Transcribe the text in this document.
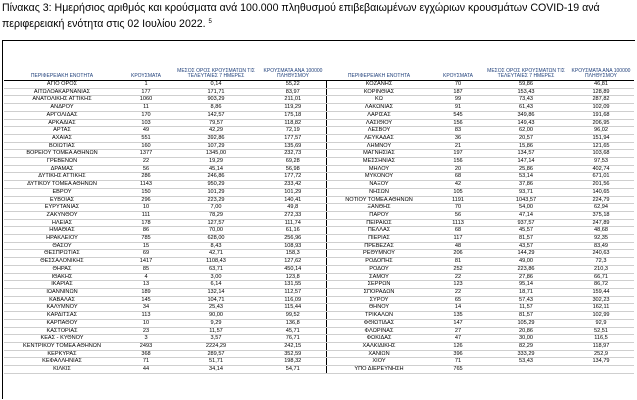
Πίνακας 3: Ημερήσιος αριθμός και κρούσματα ανά 100.000 πληθυσμού επιβεβαιωμένων εγχώριων κρουσμάτων COVID-19 ανά περιφερειακή ενότητα στις 02 Ιουλίου 2022. $^5$
ΠΕΡΙΦΕΡΕΙΑΚΗ ΕΝΟΤΗΤΑ	ΚΡΟΥΣΜΑΤΑ	ΜΕΣΟΣ ΟΡΟΣ ΚΡΟΥΣΜΑΤΩΝ ΤΙΣ ΤΕΛΕΥΤΑΙΕΣ 7 ΗΜΕΡΕΣ	ΚΡΟΥΣΜΑΤΑ ΑΝΑ 100000 ΠΛΗΘΥΣΜΟΥ
ΑΓΙΟ ΟΡΟΣ	1	0,14	55,22
ΑΙΤΩΛΟΑΚΑΡΝΑΝΙΑΣ	177	171,71	83,97
ΑΝΑΤΟΛΙΚΗΣ ΑΤΤΙΚΗΣ	1060	903,29	211,01
ΑΝΔΡΟΥ	11	8,86	119,29
ΑΡΓΟΛΙΔΑΣ	170	142,57	175,18
ΑΡΚΑΔΙΑΣ	103	79,57	118,82
ΑΡΤΑΣ	49	42,29	72,19
ΑΧΑΪΑΣ	551	392,86	177,57
ΒΟΙΩΤΙΑΣ	160	107,29	135,69
ΒΟΡΕΙΟΥ ΤΟΜΕΑ ΑΘΗΝΩΝ	1377	1345,00	232,73
ΓΡΕΒΕΝΩΝ	22	19,29	69,28
ΔΡΑΜΑΣ	56	45,14	56,98
ΔΥΤΙΚΗΣ ΑΤΤΙΚΗΣ	286	246,86	177,72
ΔΥΤΙΚΟΥ ΤΟΜΕΑ ΑΘΗΝΩΝ	1143	950,29	233,42
ΕΒΡΟΥ	150	101,29	101,29
ΕΥΒΟΙΑΣ	296	223,29	140,41
ΕΥΡΥΤΑΝΙΑΣ	10	7,00	49,8
ΖΑΚΥΝΘΟΥ	111	78,29	272,33
ΗΛΕΙΑΣ	178	127,57	111,74
ΗΜΑΘΙΑΣ	86	70,00	61,16
ΗΡΑΚΛΕΙΟΥ	785	628,00	256,96
ΘΑΣΟΥ	15	8,43	108,93
ΘΕΣΠΡΩΤΙΑΣ	69	42,71	158,3
ΘΕΣΣΑΛΟΝΙΚΗΣ	1417	1108,43	127,62
ΘΗΡΑΣ	85	63,71	450,14
ΙΘΑΚΗΣ	4	3,00	123,8
ΙΚΑΡΙΑΣ	13	6,14	131,55
ΙΩΑΝΝΙΝΩΝ	189	132,14	112,57
ΚΑΒΑΛΑΣ	145	104,71	116,09
ΚΑΛΥΜΝΟΥ	34	25,43	115,44
ΚΑΡΔΙΤΣΑΣ	113	90,00	99,52
ΚΑΡΠΑΘΟΥ	10	9,29	136,8
ΚΑΣΤΟΡΙΑΣ	23	11,57	45,71
ΚΕΑΣ - ΚΥΘΝΟΥ	3	3,57	76,71
ΚΕΝΤΡΙΚΟΥ ΤΟΜΕΑ ΑΘΗΝΩΝ	2493	2224,29	242,15
ΚΕΡΚΥΡΑΣ	368	289,57	352,59
ΚΕΦΑΛΛΗΝΙΑΣ	71	51,71	198,32
ΚΙΛΚΙΣ	44	34,14	54,71
ΠΕΡΙΦΕΡΕΙΑΚΗ ΕΝΟΤΗΤΑ	ΚΡΟΥΣΜΑΤΑ	ΜΕΣΟΣ ΟΡΟΣ ΚΡΟΥΣΜΑΤΩΝ ΤΙΣ ΤΕΛΕΥΤΑΙΕΣ 7 ΗΜΕΡΕΣ	ΚΡΟΥΣΜΑΤΑ ΑΝΑ 100000 ΠΛΗΘΥΣΜΟΥ
ΚΟΖΑΝΗΣ	70	59,86	46,81
ΚΟΡΙΝΘΙΑΣ	187	153,43	128,89
ΚΩ	99	73,43	287,82
ΛΑΚΩΝΙΑΣ	91	61,43	102,09
ΛΑΡΙΣΑΣ	545	349,86	191,68
ΛΑΣΙΘΙΟΥ	156	149,43	206,95
ΛΕΣΒΟΥ	83	62,00	96,02
ΛΕΥΚΑΔΑΣ	36	20,57	151,94
ΛΗΜΝΟΥ	21	15,86	121,65
ΜΑΓΝΗΣΙΑΣ	197	134,57	103,68
ΜΕΣΣΗΝΙΑΣ	156	147,14	97,53
ΜΗΛΟΥ	20	25,86	402,74
ΜΥΚΟΝΟΥ	68	53,14	671,01
ΝΑΞΟΥ	42	37,86	201,56
ΝΗΣΩΝ	105	93,71	140,65
ΝΟΤΙΟΥ ΤΟΜΕΑ ΑΘΗΝΩΝ	1191	1043,57	224,79
ΞΑΝΘΗΣ	70	54,00	62,94
ΠΑΡΟΥ	56	47,14	375,18
ΠΕΙΡΑΙΩΣ	1113	937,57	247,89
ΠΕΛΛΑΣ	68	45,57	48,68
ΠΙΕΡΙΑΣ	117	81,57	92,35
ΠΡΕΒΕΖΑΣ	48	43,57	83,49
ΡΕΘΥΜΝΟΥ	206	144,29	240,63
ΡΟΔΟΠΗΣ	81	49,00	72,3
ΡΟΔΟΥ	252	223,86	210,3
ΣΑΜΟΥ	22	27,86	66,71
ΣΕΡΡΩΝ	123	95,14	86,72
ΣΠΟΡΑΔΩΝ	22	18,71	159,44
ΣΥΡΟΥ	65	57,43	302,23
ΘΗΝΟΥ	14	11,57	162,11
ΤΡΙΚΑΛΩΝ	135	81,57	102,99
ΦΘΙΩΤΙΔΑΣ	147	105,29	92,9
ΦΛΩΡΙΝΑΣ	27	20,86	52,51
ΦΩΚΙΔΑΣ	47	30,00	116,5
ΧΑΛΚΙΔΙΚΗΣ	126	82,29	118,97
ΧΑΝΙΩΝ	396	333,29	252,9
ΧΙΟΥ	71	53,43	134,79
ΥΠΟ ΔΙΕΡΕΥΝΗΣΗ	765		
